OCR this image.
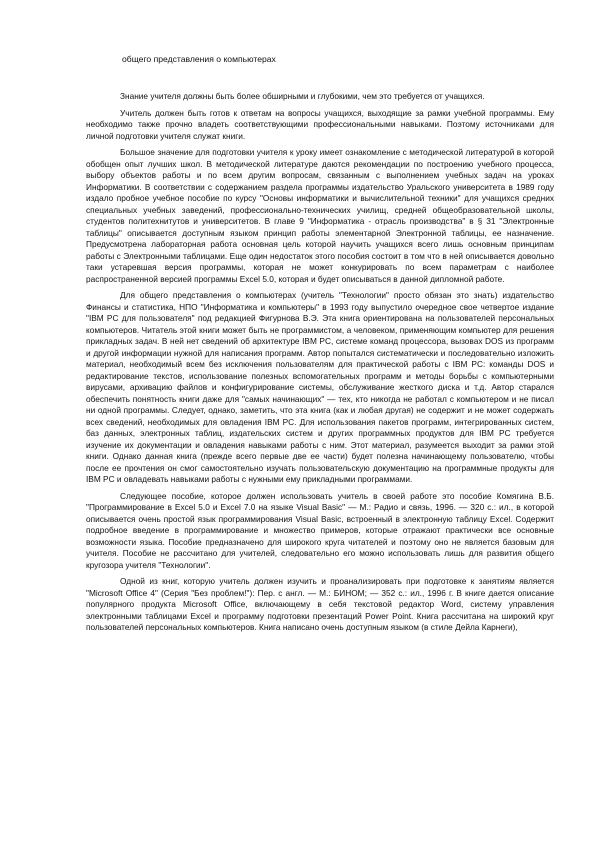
общего представления о компьютерах

Знание учителя должны быть более обширными и глубокими, чем это требуется от учащихся.

Учитель должен быть готов к ответам на вопросы учащихся, выходящие за рамки учебной программы. Ему необходимо также прочно владеть соответствующими профессиональными навыками. Поэтому источниками для личной подготовки учителя служат книги.

Большое значение для подготовки учителя к уроку имеет ознакомление с методической литературой в которой обобщен опыт лучших школ. В методической литературе даются рекомендации по построению учебного процесса, выбору объектов работы и по всем другим вопросам, связанным с выполнением учебных задач на уроках Информатики. В соответствии с содержанием раздела программы издательство Уральского университета в 1989 году издало пробное учебное пособие по курсу "Основы информатики и вычислительной техники" для учащихся средних специальных учебных заведений, профессионально-технических училищ, средней общеобразовательной школы, студентов политехнитутов и университетов. В главе 9 "Информатика - отрасль производства" в § 31 "Электронные таблицы" описывается доступным языком принцип работы элементарной Электронной таблицы, ее назначение. Предусмотрена лабораторная работа основная цель которой научить учащихся всего лишь основным принципам работы с Электронными таблицами. Еще один недостаток этого пособия состоит в том что в ней описывается довольно таки устаревшая версия программы, которая не может конкурировать по всем параметрам с наиболее распространенной версией программы Excel 5.0, которая и будет описываться в данной дипломной работе.

Для общего представления о компьютерах (учитель "Технологии" просто обязан это знать) издательство Финансы и статистика, НПО "Информатика и компьютеры" в 1993 году выпустило очередное свое четвертое издание "IBM PC для пользователя" под редакцией Фигурнова В.Э. Эта книга ориентирована на пользователей персональных компьютеров. Читатель этой книги может быть не программистом, а человеком, применяющим компьютер для решения прикладных задач. В ней нет сведений об архитектуре IBM PC, системе команд процессора, вызовах DOS из программ и другой информации нужной для написания программ. Автор попытался систематически и последовательно изложить материал, необходимый всем без исключения пользователям для практической работы с IBM PC: команды DOS и редактирование текстов, использование полезных вспомогательных программ и методы борьбы с компьютерными вирусами, архивацию файлов и конфигурирование системы, обслуживание жесткого диска и т.д. Автор старался обеспечить понятность книги даже для "самых начинающих" — тех, кто никогда не работал с компьютером и не писал ни одной программы. Следует, однако, заметить, что эта книга (как и любая другая) не содержит и не может содержать всех сведений, необходимых для овладения IBM PC. Для использования пакетов программ, интегрированных систем, баз данных, электронных таблиц, издательских систем и других программных продуктов для IBM PC требуется изучение их документации и овладения навыками работы с ним. Этот материал, разумеется выходит за рамки этой книги. Однако данная книга (прежде всего первые две ее части) будет полезна начинающему пользователю, чтобы после ее прочтения он смог самостоятельно изучать пользовательскую документацию на программные продукты для IBM PC и овладевать навыками работы с нужными ему прикладными программами.

Следующее пособие, которое должен использовать учитель в своей работе это пособие Комягина В.Б. "Программирование в Excel 5.0 и Excel 7.0 на языке Visual Basic" — М.: Радио и связь, 1996. — 320 с.: ил., в которой описывается очень простой язык программирования Visual Basic, встроенный в электронную таблицу Excel. Содержит подробное введение в программирование и множество примеров, которые отражают практически все основные возможности языка. Пособие предназначено для широкого круга читателей и поэтому оно не является базовым для учителя. Пособие не рассчитано для учителей, следовательно его можно использовать лишь для развития общего кругозора учителя "Технологии".

Одной из книг, которую учитель должен изучить и проанализировать при подготовке к занятиям является "Microsoft Office 4" (Серия "Без проблем!"): Пер. с англ. — М.: БИНОМ; — 352 с.: ил., 1996 г. В книге дается описание популярного продукта Microsoft Office, включающему в себя текстовой редактор Word, систему управления электронными таблицами Excel и программу подготовки презентаций Power Point. Книга рассчитана на широкий круг пользователей персональных компьютеров. Книга написано очень доступным языком (в стиле Дейла Карнеги),
